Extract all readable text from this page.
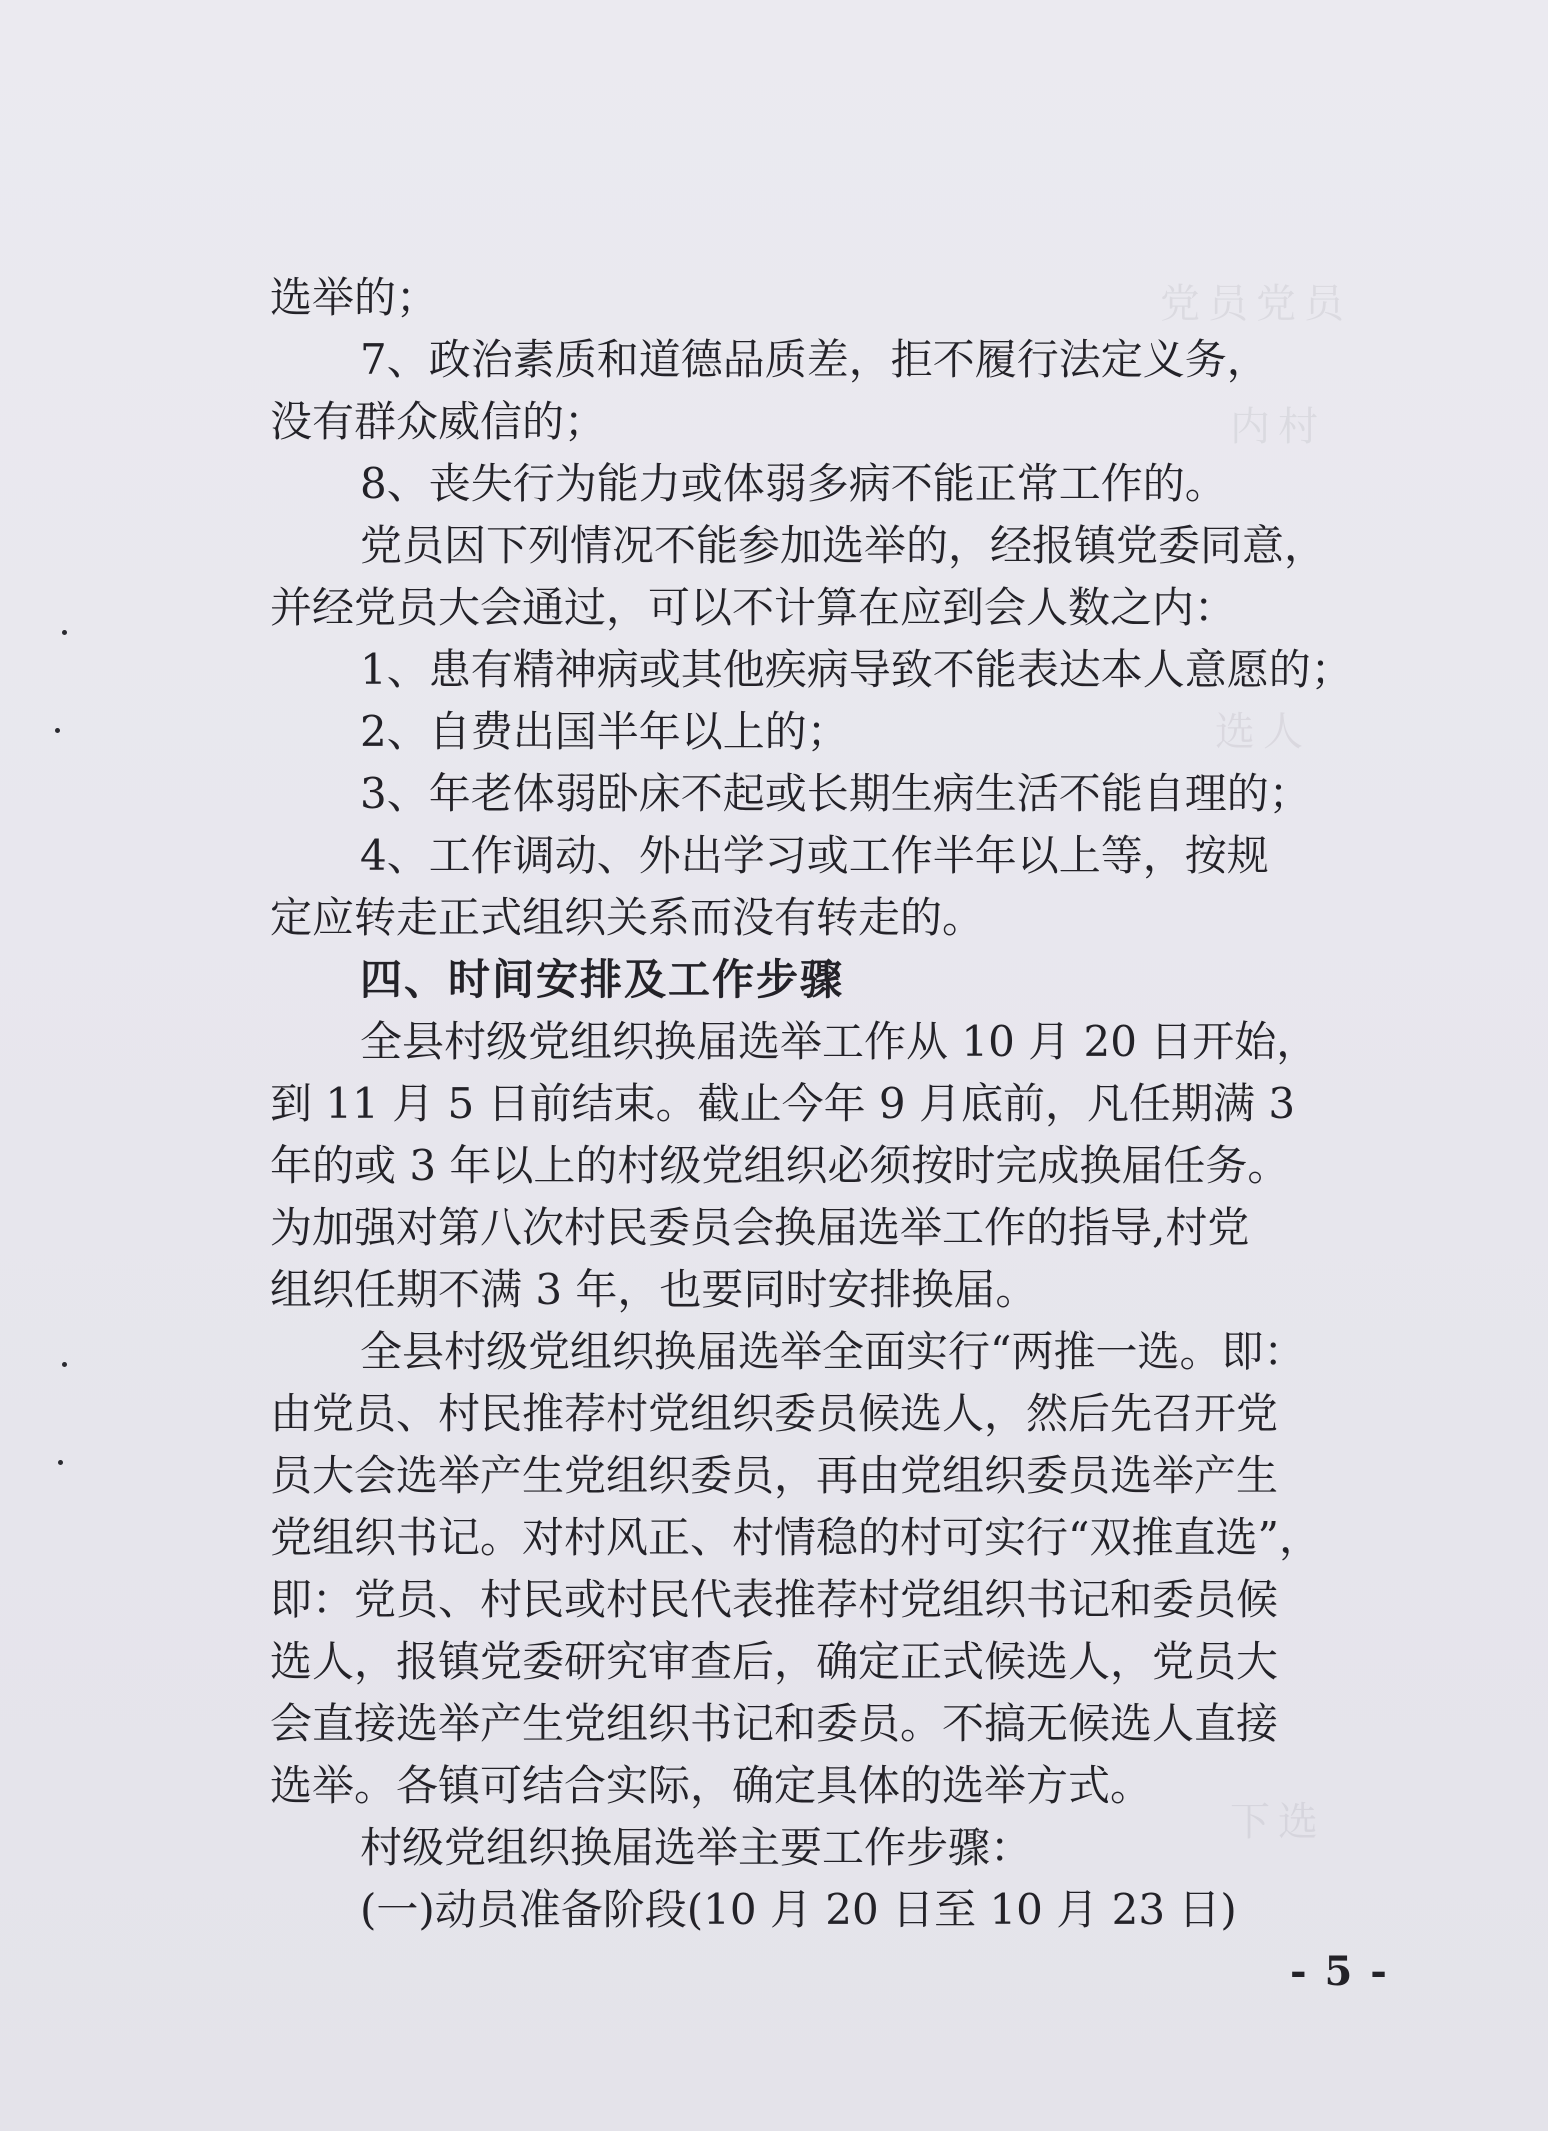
党员党员
内村
选人
下选
选举的；
7、政治素质和道德品质差，拒不履行法定义务，
没有群众威信的；
8、丧失行为能力或体弱多病不能正常工作的。
党员因下列情况不能参加选举的，经报镇党委同意，
并经党员大会通过，可以不计算在应到会人数之内：
1、患有精神病或其他疾病导致不能表达本人意愿的；
2、自费出国半年以上的；
3、年老体弱卧床不起或长期生病生活不能自理的；
4、工作调动、外出学习或工作半年以上等，按规
定应转走正式组织关系而没有转走的。
四、时间安排及工作步骤
全县村级党组织换届选举工作从 10 月 20 日开始，
到 11 月 5 日前结束。截止今年 9 月底前，凡任期满 3
年的或 3 年以上的村级党组织必须按时完成换届任务。
为加强对第八次村民委员会换届选举工作的指导,村党
组织任期不满 3 年，也要同时安排换届。
全县村级党组织换届选举全面实行“两推一选。即：
由党员、村民推荐村党组织委员候选人，然后先召开党
员大会选举产生党组织委员，再由党组织委员选举产生
党组织书记。对村风正、村情稳的村可实行“双推直选”，
即：党员、村民或村民代表推荐村党组织书记和委员候
选人，报镇党委研究审查后，确定正式候选人，党员大
会直接选举产生党组织书记和委员。不搞无候选人直接
选举。各镇可结合实际，确定具体的选举方式。
村级党组织换届选举主要工作步骤：
(一)动员准备阶段(10 月 20 日至 10 月 23 日)
- 5 -
